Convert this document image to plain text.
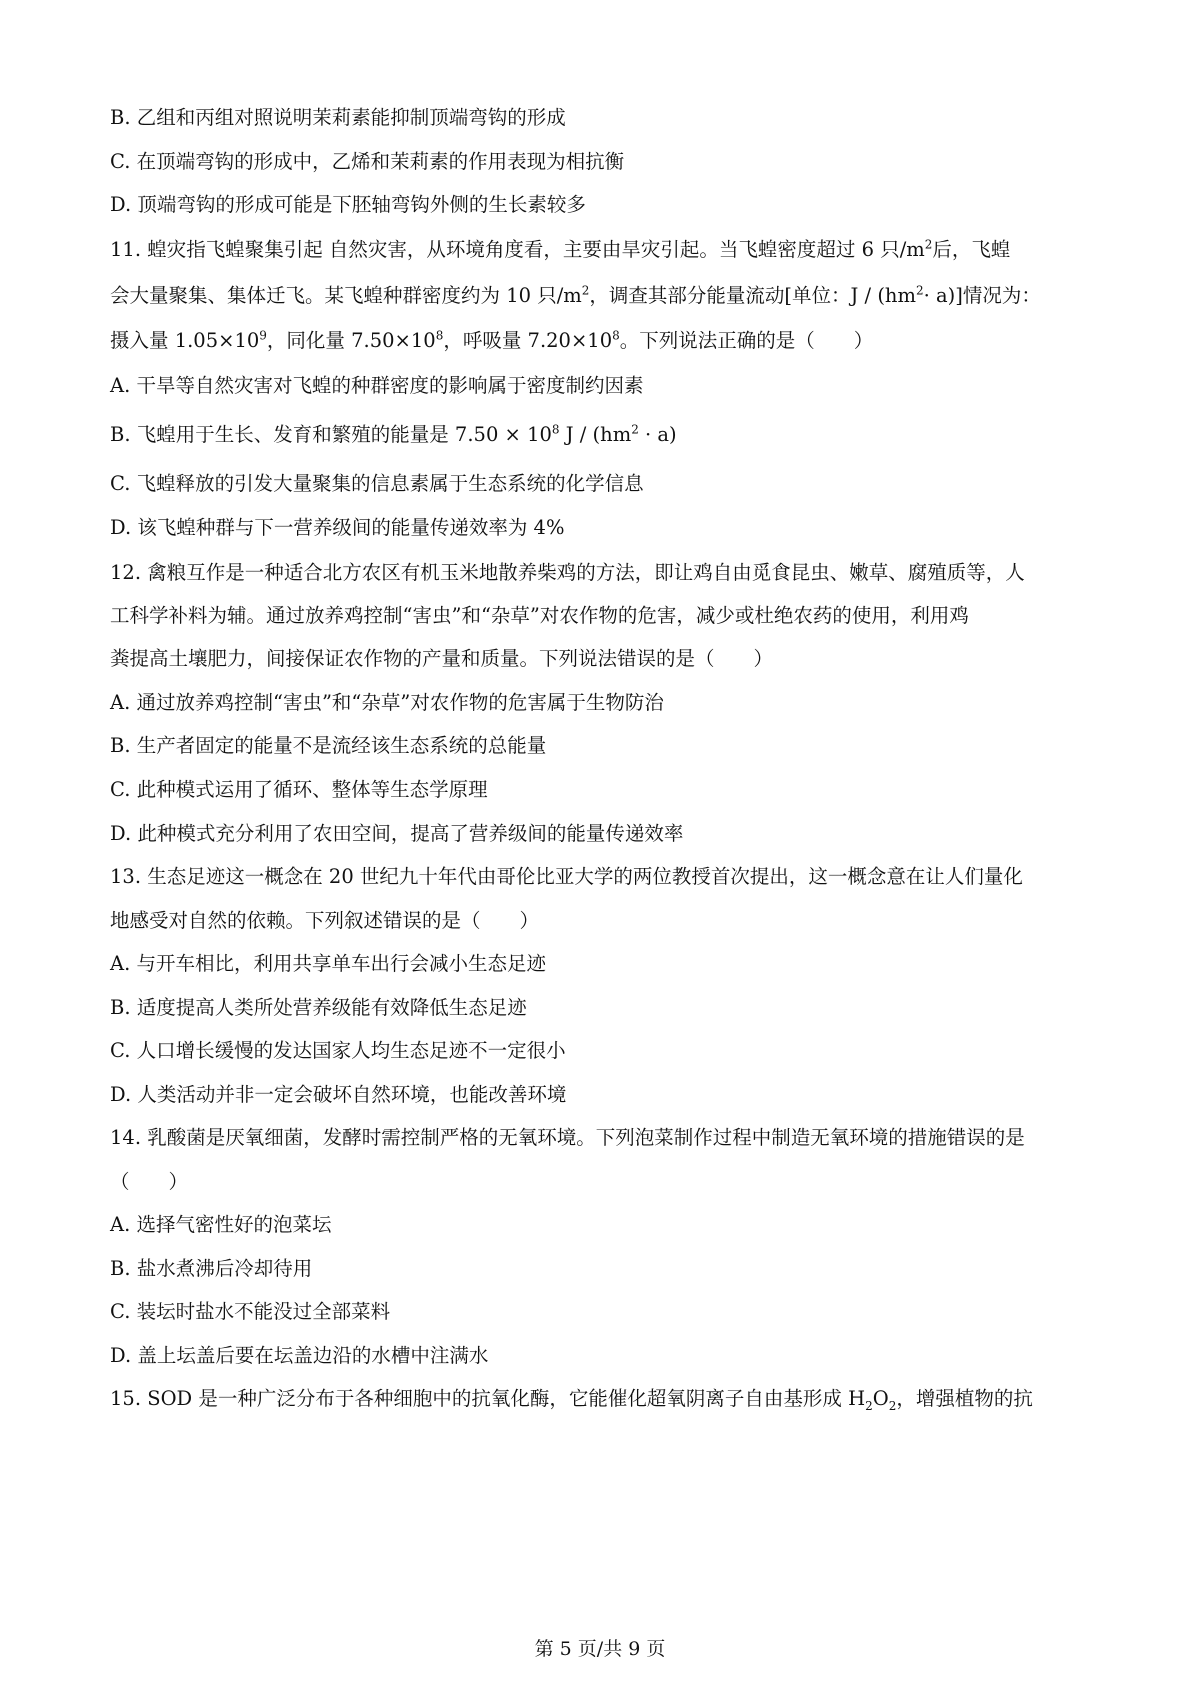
B. 乙组和丙组对照说明茉莉素能抑制顶端弯钩的形成
C. 在顶端弯钩的形成中，乙烯和茉莉素的作用表现为相抗衡
D. 顶端弯钩的形成可能是下胚轴弯钩外侧的生长素较多
11. 蝗灾指飞蝗聚集引起 自然灾害，从环境角度看，主要由旱灾引起。当飞蝗密度超过 6 只$/m^2$后，飞蝗
会大量聚集、集体迁飞。某飞蝗种群密度约为 10 只$/m^2$，调查其部分能量流动[单位：$J / (hm^2\cdot a)$]情况为：
摄入量 $1.05\times 10^9$，同化量 $7.50\times 10^8$，呼吸量 $7.20\times 10^8$。下列说法正确的是（　　）
A. 干旱等自然灾害对飞蝗的种群密度的影响属于密度制约因素
B. 飞蝗用于生长、发育和繁殖的能量是 $7.50 \times 10^8$ $J / (hm^2 \cdot a)$
C. 飞蝗释放的引发大量聚集的信息素属于生态系统的化学信息
D. 该飞蝗种群与下一营养级间的能量传递效率为 4%
12. 禽粮互作是一种适合北方农区有机玉米地散养柴鸡的方法，即让鸡自由觅食昆虫、嫩草、腐殖质等，人
工科学补料为辅。通过放养鸡控制“害虫”和“杂草”对农作物的危害，减少或杜绝农药的使用，利用鸡
粪提高土壤肥力，间接保证农作物的产量和质量。下列说法错误的是（　　）
A. 通过放养鸡控制“害虫”和“杂草”对农作物的危害属于生物防治
B. 生产者固定的能量不是流经该生态系统的总能量
C. 此种模式运用了循环、整体等生态学原理
D. 此种模式充分利用了农田空间，提高了营养级间的能量传递效率
13. 生态足迹这一概念在 20 世纪九十年代由哥伦比亚大学的两位教授首次提出，这一概念意在让人们量化
地感受对自然的依赖。下列叙述错误的是（　　）
A. 与开车相比，利用共享单车出行会减小生态足迹
B. 适度提高人类所处营养级能有效降低生态足迹
C. 人口增长缓慢的发达国家人均生态足迹不一定很小
D. 人类活动并非一定会破坏自然环境，也能改善环境
14. 乳酸菌是厌氧细菌，发酵时需控制严格的无氧环境。下列泡菜制作过程中制造无氧环境的措施错误的是
（　　）
A. 选择气密性好的泡菜坛
B. 盐水煮沸后冷却待用
C. 装坛时盐水不能没过全部菜料
D. 盖上坛盖后要在坛盖边沿的水槽中注满水
15. SOD 是一种广泛分布于各种细胞中的抗氧化酶，它能催化超氧阴离子自由基形成 $H_2O_2$，增强植物的抗
第 5 页/共 9 页
